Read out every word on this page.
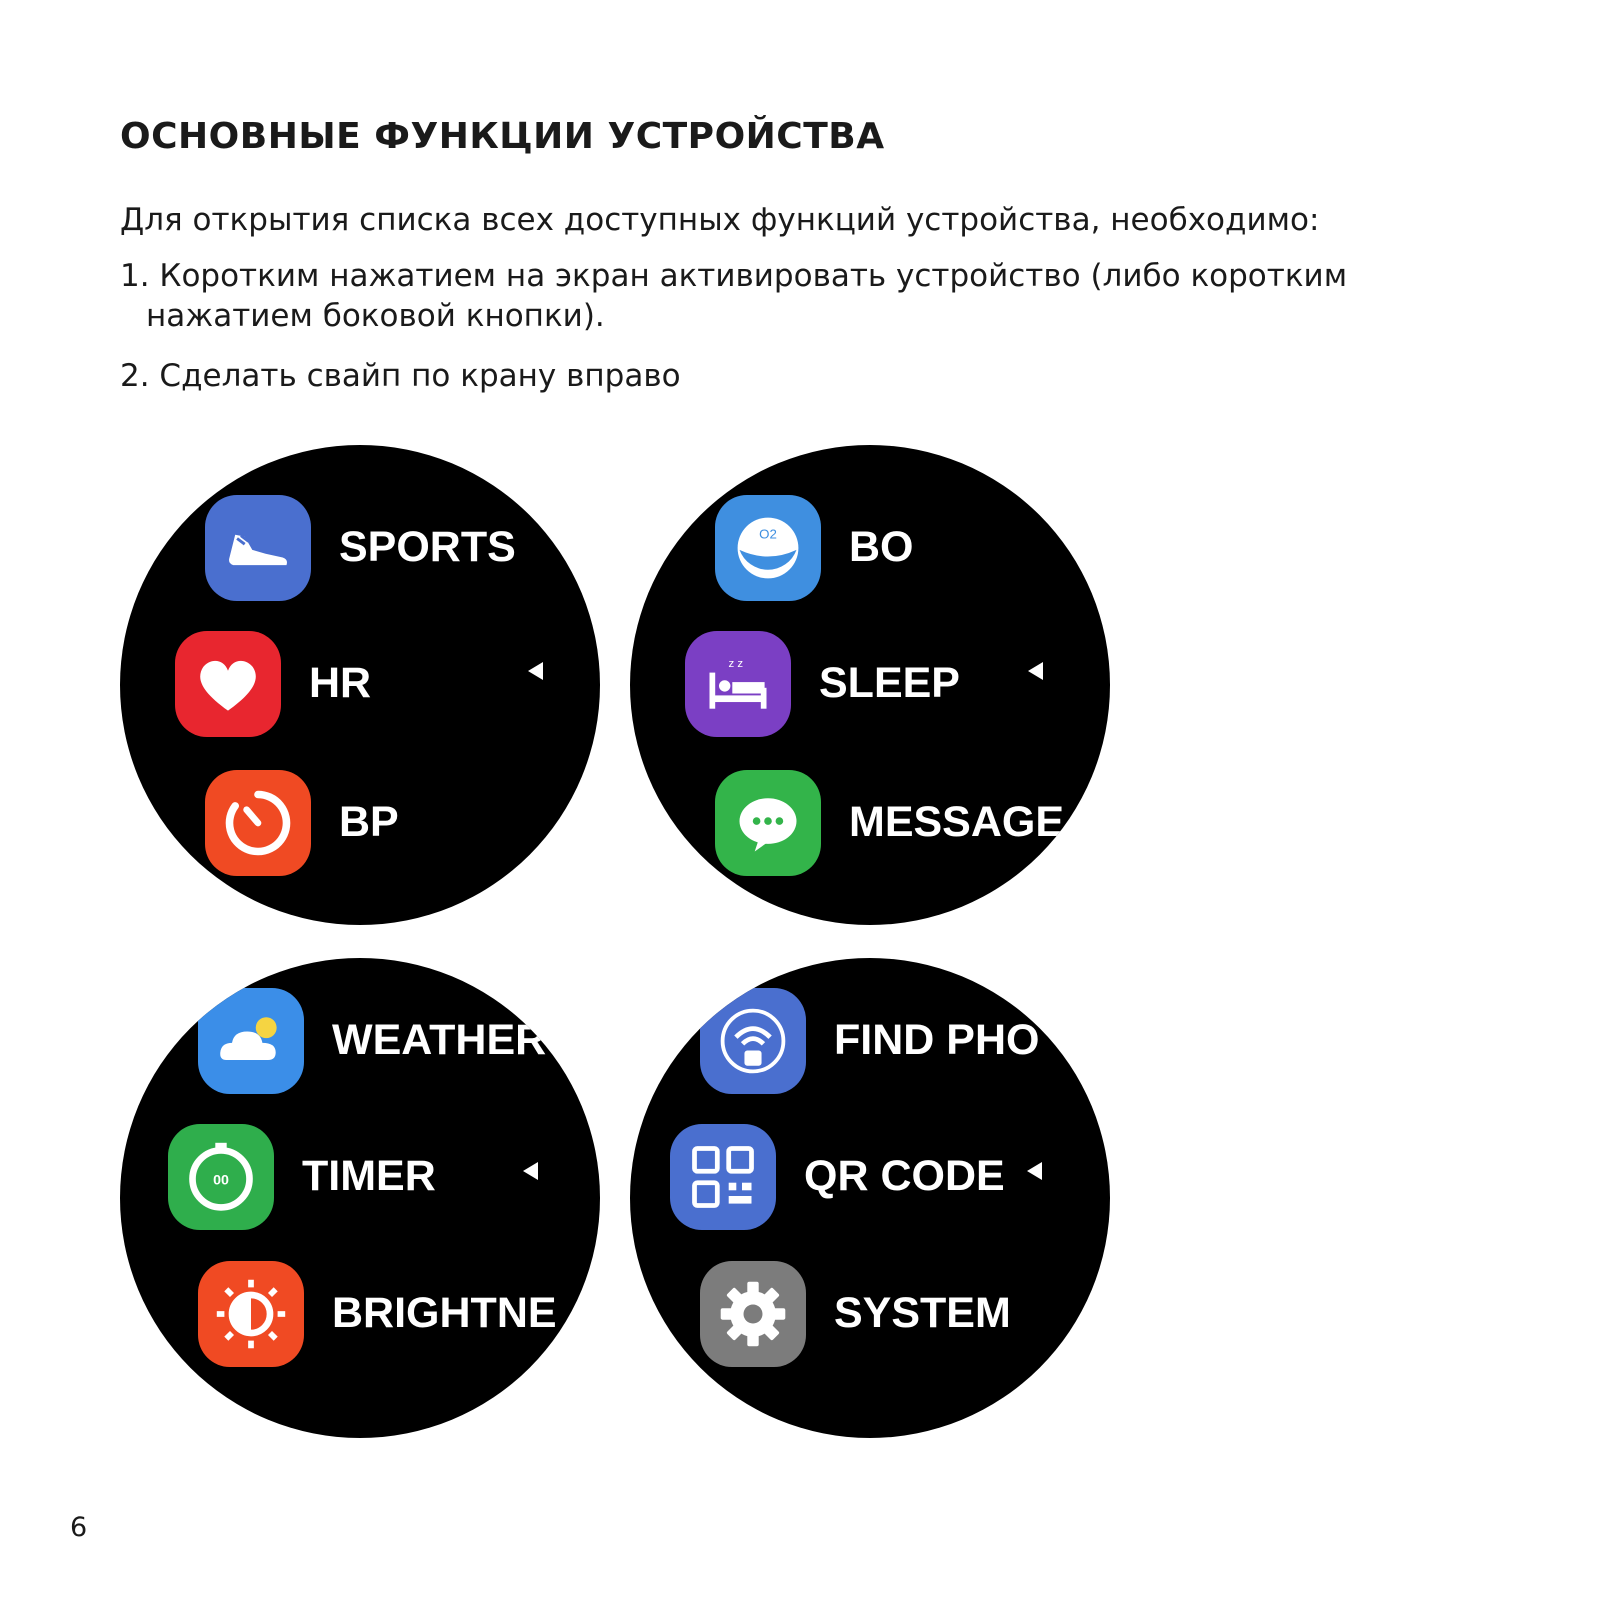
ОСНОВНЫЕ ФУНКЦИИ УСТРОЙСТВА
Для открытия списка всех доступных функций устройства, необходимо:
1. Коротким нажатием на экран активировать устройство (либо коротким
нажатием боковой кнопки).
2. Сделать свайп по крану вправо
SPORTS
HR
BP
O2 BO
z z SLEEP
MESSAGE
WEATHER
00 TIMER
BRIGHTNE
FIND PHO
QR CODE
SYSTEM
6
